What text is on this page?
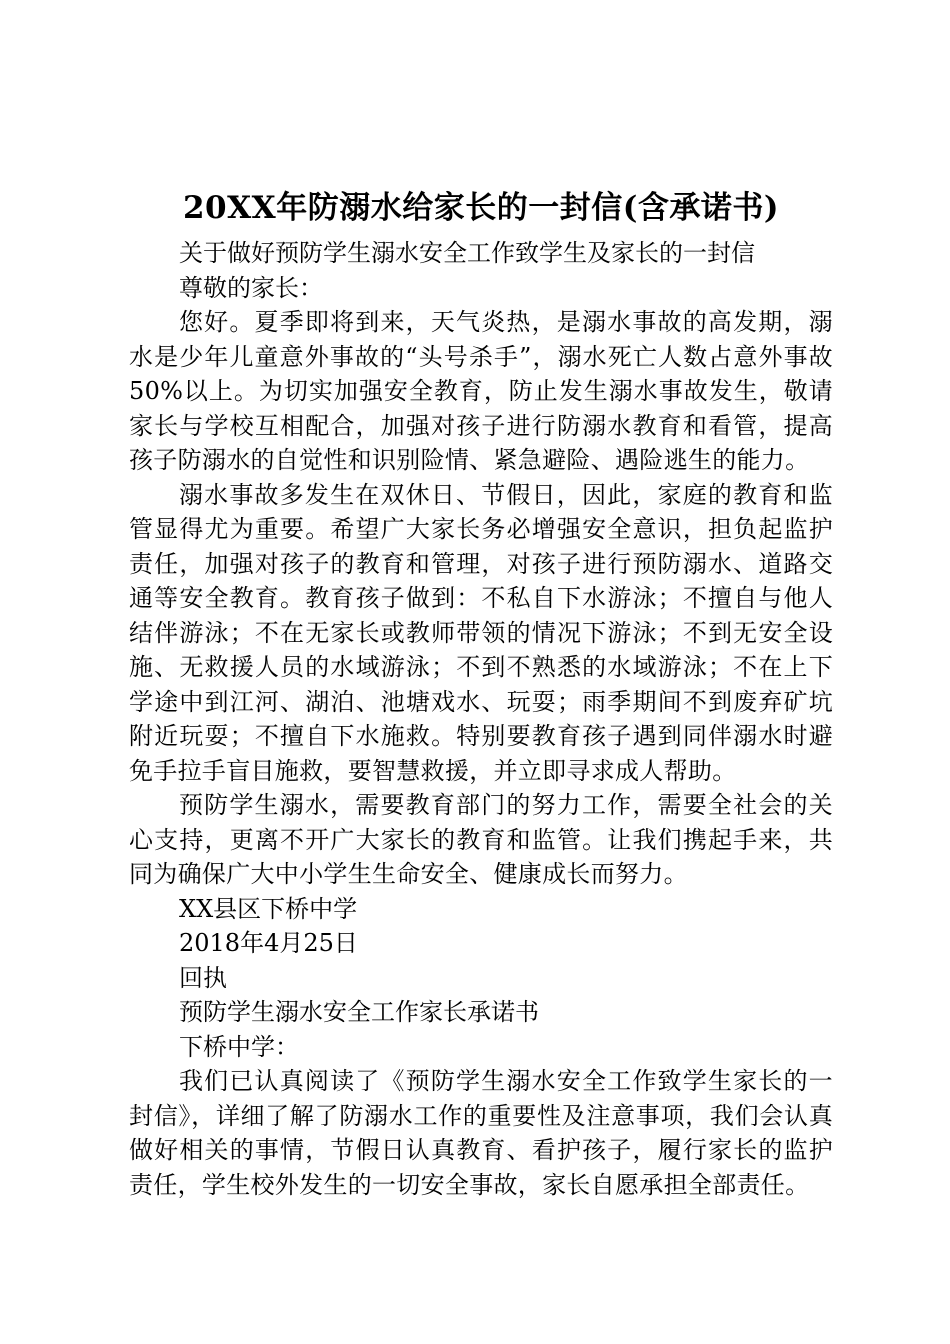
20XX年防溺水给家长的一封信(含承诺书)

关于做好预防学生溺水安全工作致学生及家长的一封信

尊敬的家长：

您好。夏季即将到来，天气炎热，是溺水事故的高发期，溺水是少年儿童意外事故的“头号杀手”，溺水死亡人数占意外事故50%以上。为切实加强安全教育，防止发生溺水事故发生，敬请家长与学校互相配合，加强对孩子进行防溺水教育和看管，提高孩子防溺水的自觉性和识别险情、紧急避险、遇险逃生的能力。

溺水事故多发生在双休日、节假日，因此，家庭的教育和监管显得尤为重要。希望广大家长务必增强安全意识，担负起监护责任，加强对孩子的教育和管理，对孩子进行预防溺水、道路交通等安全教育。教育孩子做到：不私自下水游泳；不擅自与他人结伴游泳；不在无家长或教师带领的情况下游泳；不到无安全设施、无救援人员的水域游泳；不到不熟悉的水域游泳；不在上下学途中到江河、湖泊、池塘戏水、玩耍；雨季期间不到废弃矿坑附近玩耍；不擅自下水施救。特别要教育孩子遇到同伴溺水时避免手拉手盲目施救，要智慧救援，并立即寻求成人帮助。

预防学生溺水，需要教育部门的努力工作，需要全社会的关心支持，更离不开广大家长的教育和监管。让我们携起手来，共同为确保广大中小学生生命安全、健康成长而努力。

XX县区下桥中学

2018年4月25日

回执

预防学生溺水安全工作家长承诺书

下桥中学：

我们已认真阅读了《预防学生溺水安全工作致学生家长的一封信》，详细了解了防溺水工作的重要性及注意事项，我们会认真做好相关的事情，节假日认真教育、看护孩子，履行家长的监护责任，学生校外发生的一切安全事故，家长自愿承担全部责任。
